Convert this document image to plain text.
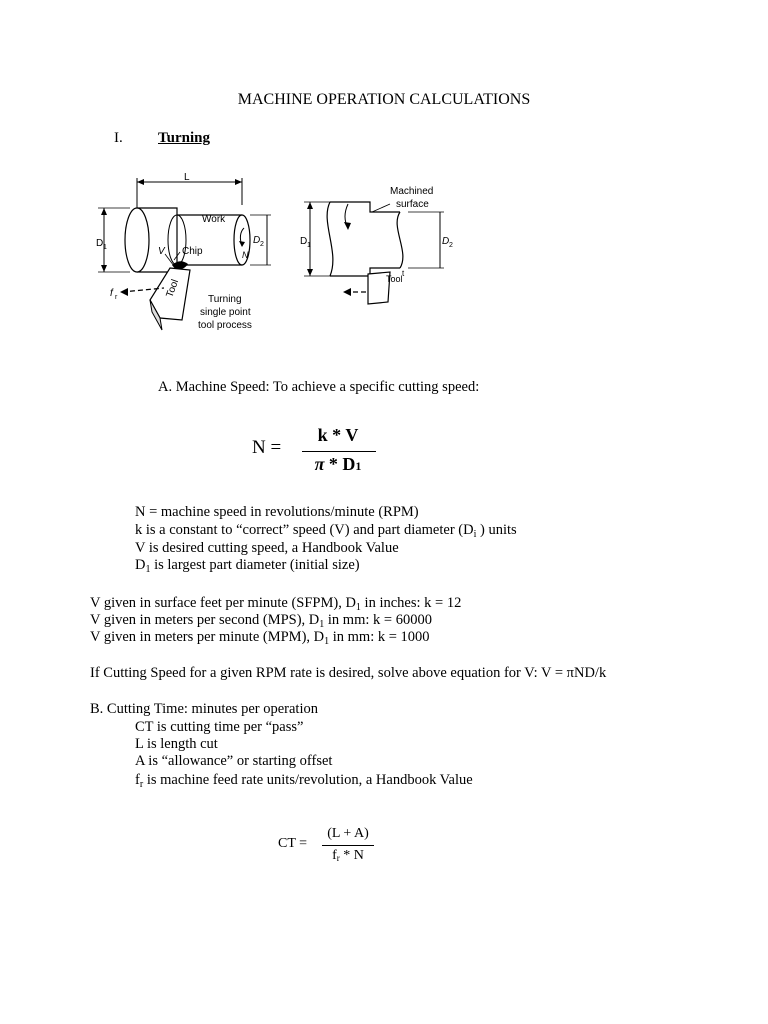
MACHINE OPERATION CALCULATIONS
I. Turning
L
D 1
Work
N
D 2
Chip
V
Tool
f r	Turning
single point
tool process
Machined
surface
D 1	D 2
Tool
t
A. Machine Speed: To achieve a specific cutting speed:
N =
k * V
π * D1
N = machine speed in revolutions/minute (RPM)
k is a constant to “correct” speed (V) and part diameter ($D_i$ ) units
V is desired cutting speed, a Handbook Value
$D_1$ is largest part diameter (initial size)
V given in surface feet per minute (SFPM), $D_1$ in inches: k = 12
V given in meters per second (MPS), $D_1$ in mm: k = 60000
V given in meters per minute (MPM), $D_1$ in mm: k = 1000
If Cutting Speed for a given RPM rate is desired, solve above equation for V: V = πND/k
B. Cutting Time: minutes per operation
CT is cutting time per “pass”
L is length cut
A is “allowance” or starting offset
$f_r$ is machine feed rate units/revolution, a Handbook Value
CT =
(L + A)
fr * N
